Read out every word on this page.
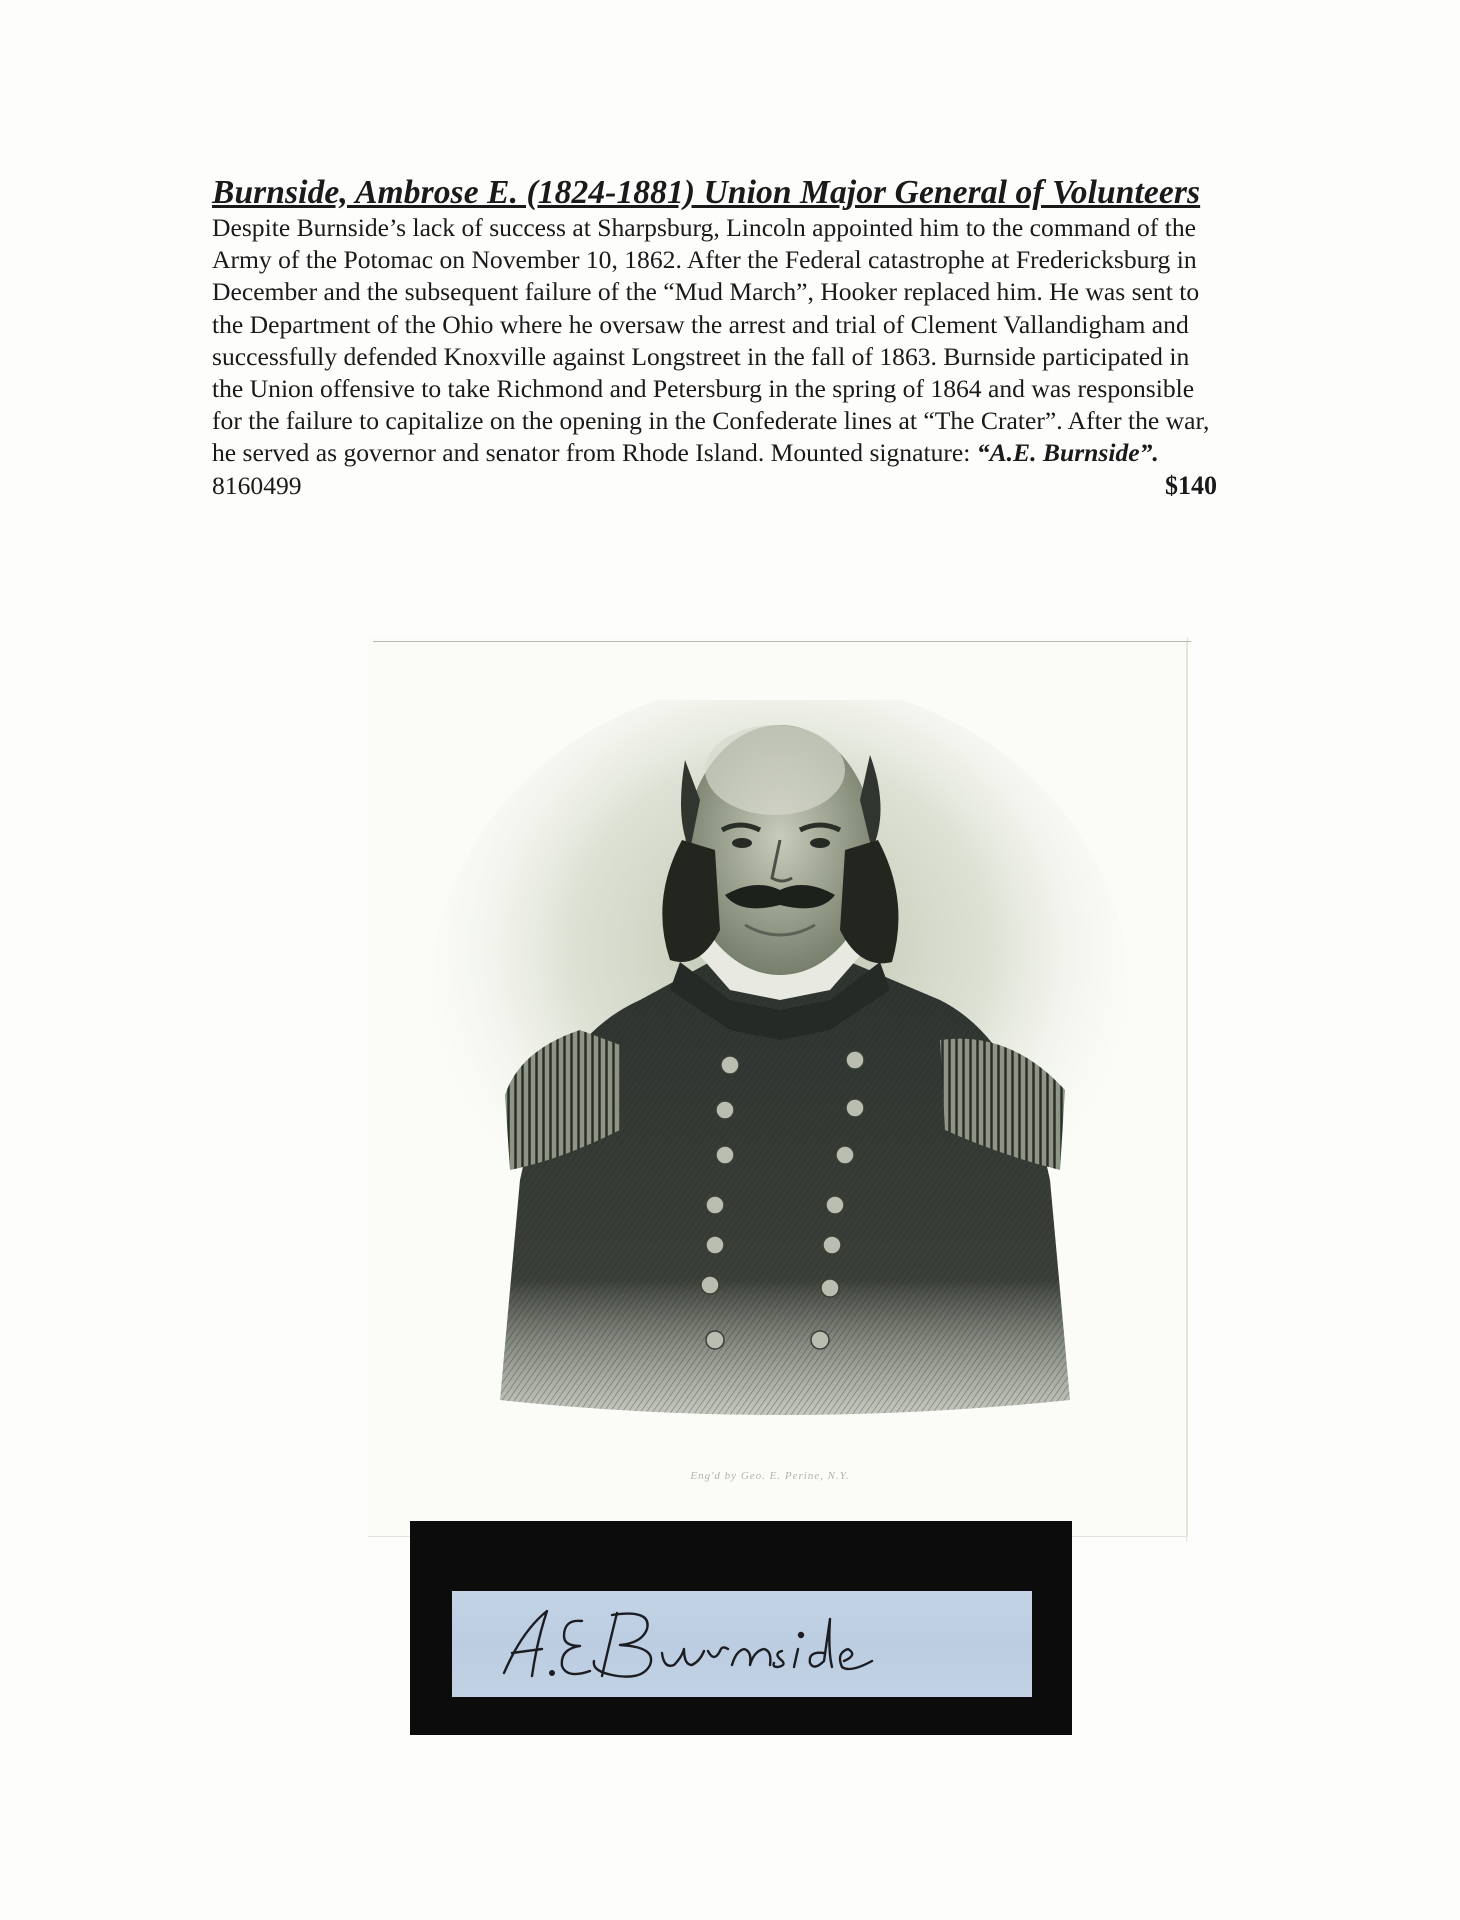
Burnside, Ambrose E. (1824-1881) Union Major General of Volunteers

Despite Burnside’s lack of success at Sharpsburg, Lincoln appointed him to the command of the Army of the Potomac on November 10, 1862. After the Federal catastrophe at Fredericksburg in December and the subsequent failure of the “Mud March”, Hooker replaced him. He was sent to the Department of the Ohio where he oversaw the arrest and trial of Clement Vallandigham and successfully defended Knoxville against Longstreet in the fall of 1863. Burnside participated in the Union offensive to take Richmond and Petersburg in the spring of 1864 and was responsible for the failure to capitalize on the opening in the Confederate lines at “The Crater”. After the war, he served as governor and senator from Rhode Island. Mounted signature: “A.E. Burnside”.

8160499	$140
Eng'd by Geo. E. Perine, N.Y.
